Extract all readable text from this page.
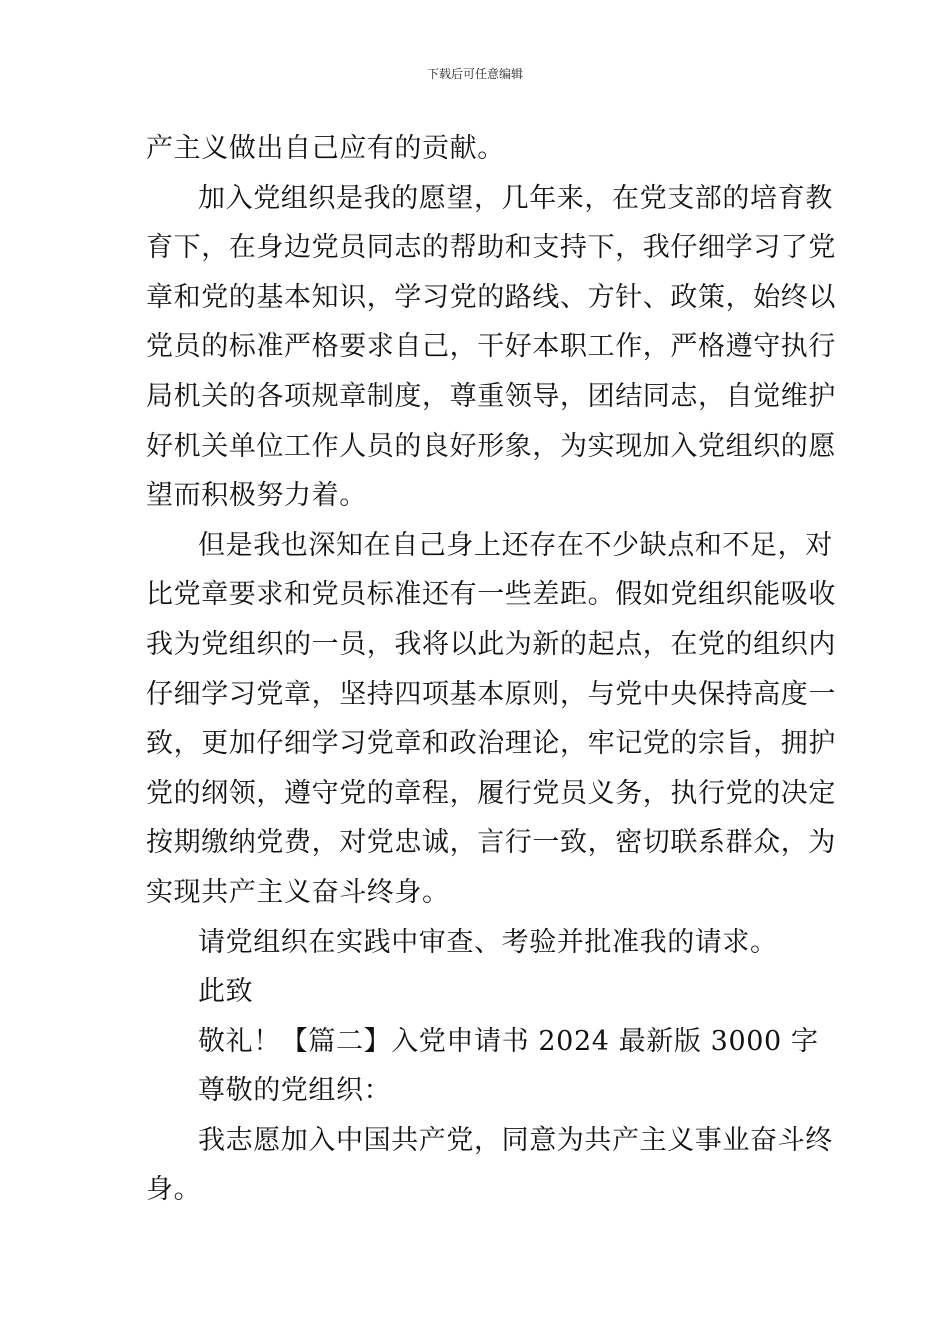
下载后可任意编辑
产主义做出自己应有的贡献。
加入党组织是我的愿望，几年来，在党支部的培育教
育下，在身边党员同志的帮助和支持下，我仔细学习了党
章和党的基本知识，学习党的路线、方针、政策，始终以
党员的标准严格要求自己，干好本职工作，严格遵守执行
局机关的各项规章制度，尊重领导，团结同志，自觉维护
好机关单位工作人员的良好形象，为实现加入党组织的愿
望而积极努力着。
但是我也深知在自己身上还存在不少缺点和不足，对
比党章要求和党员标准还有一些差距。假如党组织能吸收
我为党组织的一员，我将以此为新的起点，在党的组织内
仔细学习党章，坚持四项基本原则，与党中央保持高度一
致，更加仔细学习党章和政治理论，牢记党的宗旨，拥护
党的纲领，遵守党的章程，履行党员义务，执行党的决定
按期缴纳党费，对党忠诚，言行一致，密切联系群众，为
实现共产主义奋斗终身。
请党组织在实践中审查、考验并批准我的请求。
此致
敬礼！【篇二】入党申请书 2024 最新版 3000 字
尊敬的党组织：
我志愿加入中国共产党，同意为共产主义事业奋斗终
身。
